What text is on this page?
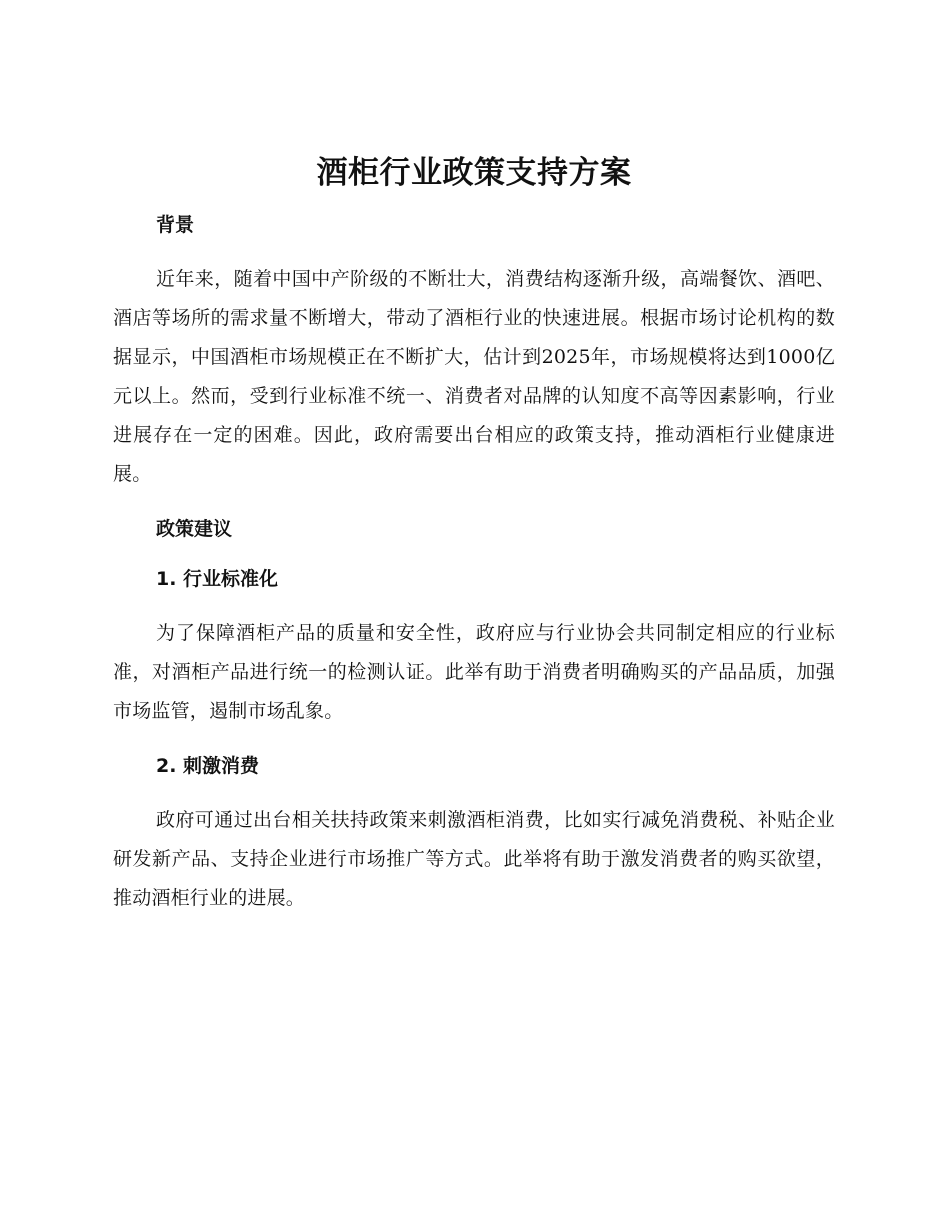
酒柜行业政策支持方案
背景

近年来，随着中国中产阶级的不断壮大，消费结构逐渐升级，高端餐饮、酒吧、酒店等场所的需求量不断增大，带动了酒柜行业的快速进展。根据市场讨论机构的数据显示，中国酒柜市场规模正在不断扩大，估计到2025年，市场规模将达到1000亿元以上。然而，受到行业标准不统一、消费者对品牌的认知度不高等因素影响，行业进展存在一定的困难。因此，政府需要出台相应的政策支持，推动酒柜行业健康进展。

政策建议
1. 行业标准化

为了保障酒柜产品的质量和安全性，政府应与行业协会共同制定相应的行业标准，对酒柜产品进行统一的检测认证。此举有助于消费者明确购买的产品品质，加强市场监管，遏制市场乱象。

2. 刺激消费

政府可通过出台相关扶持政策来刺激酒柜消费，比如实行减免消费税、补贴企业研发新产品、支持企业进行市场推广等方式。此举将有助于激发消费者的购买欲望，推动酒柜行业的进展。
